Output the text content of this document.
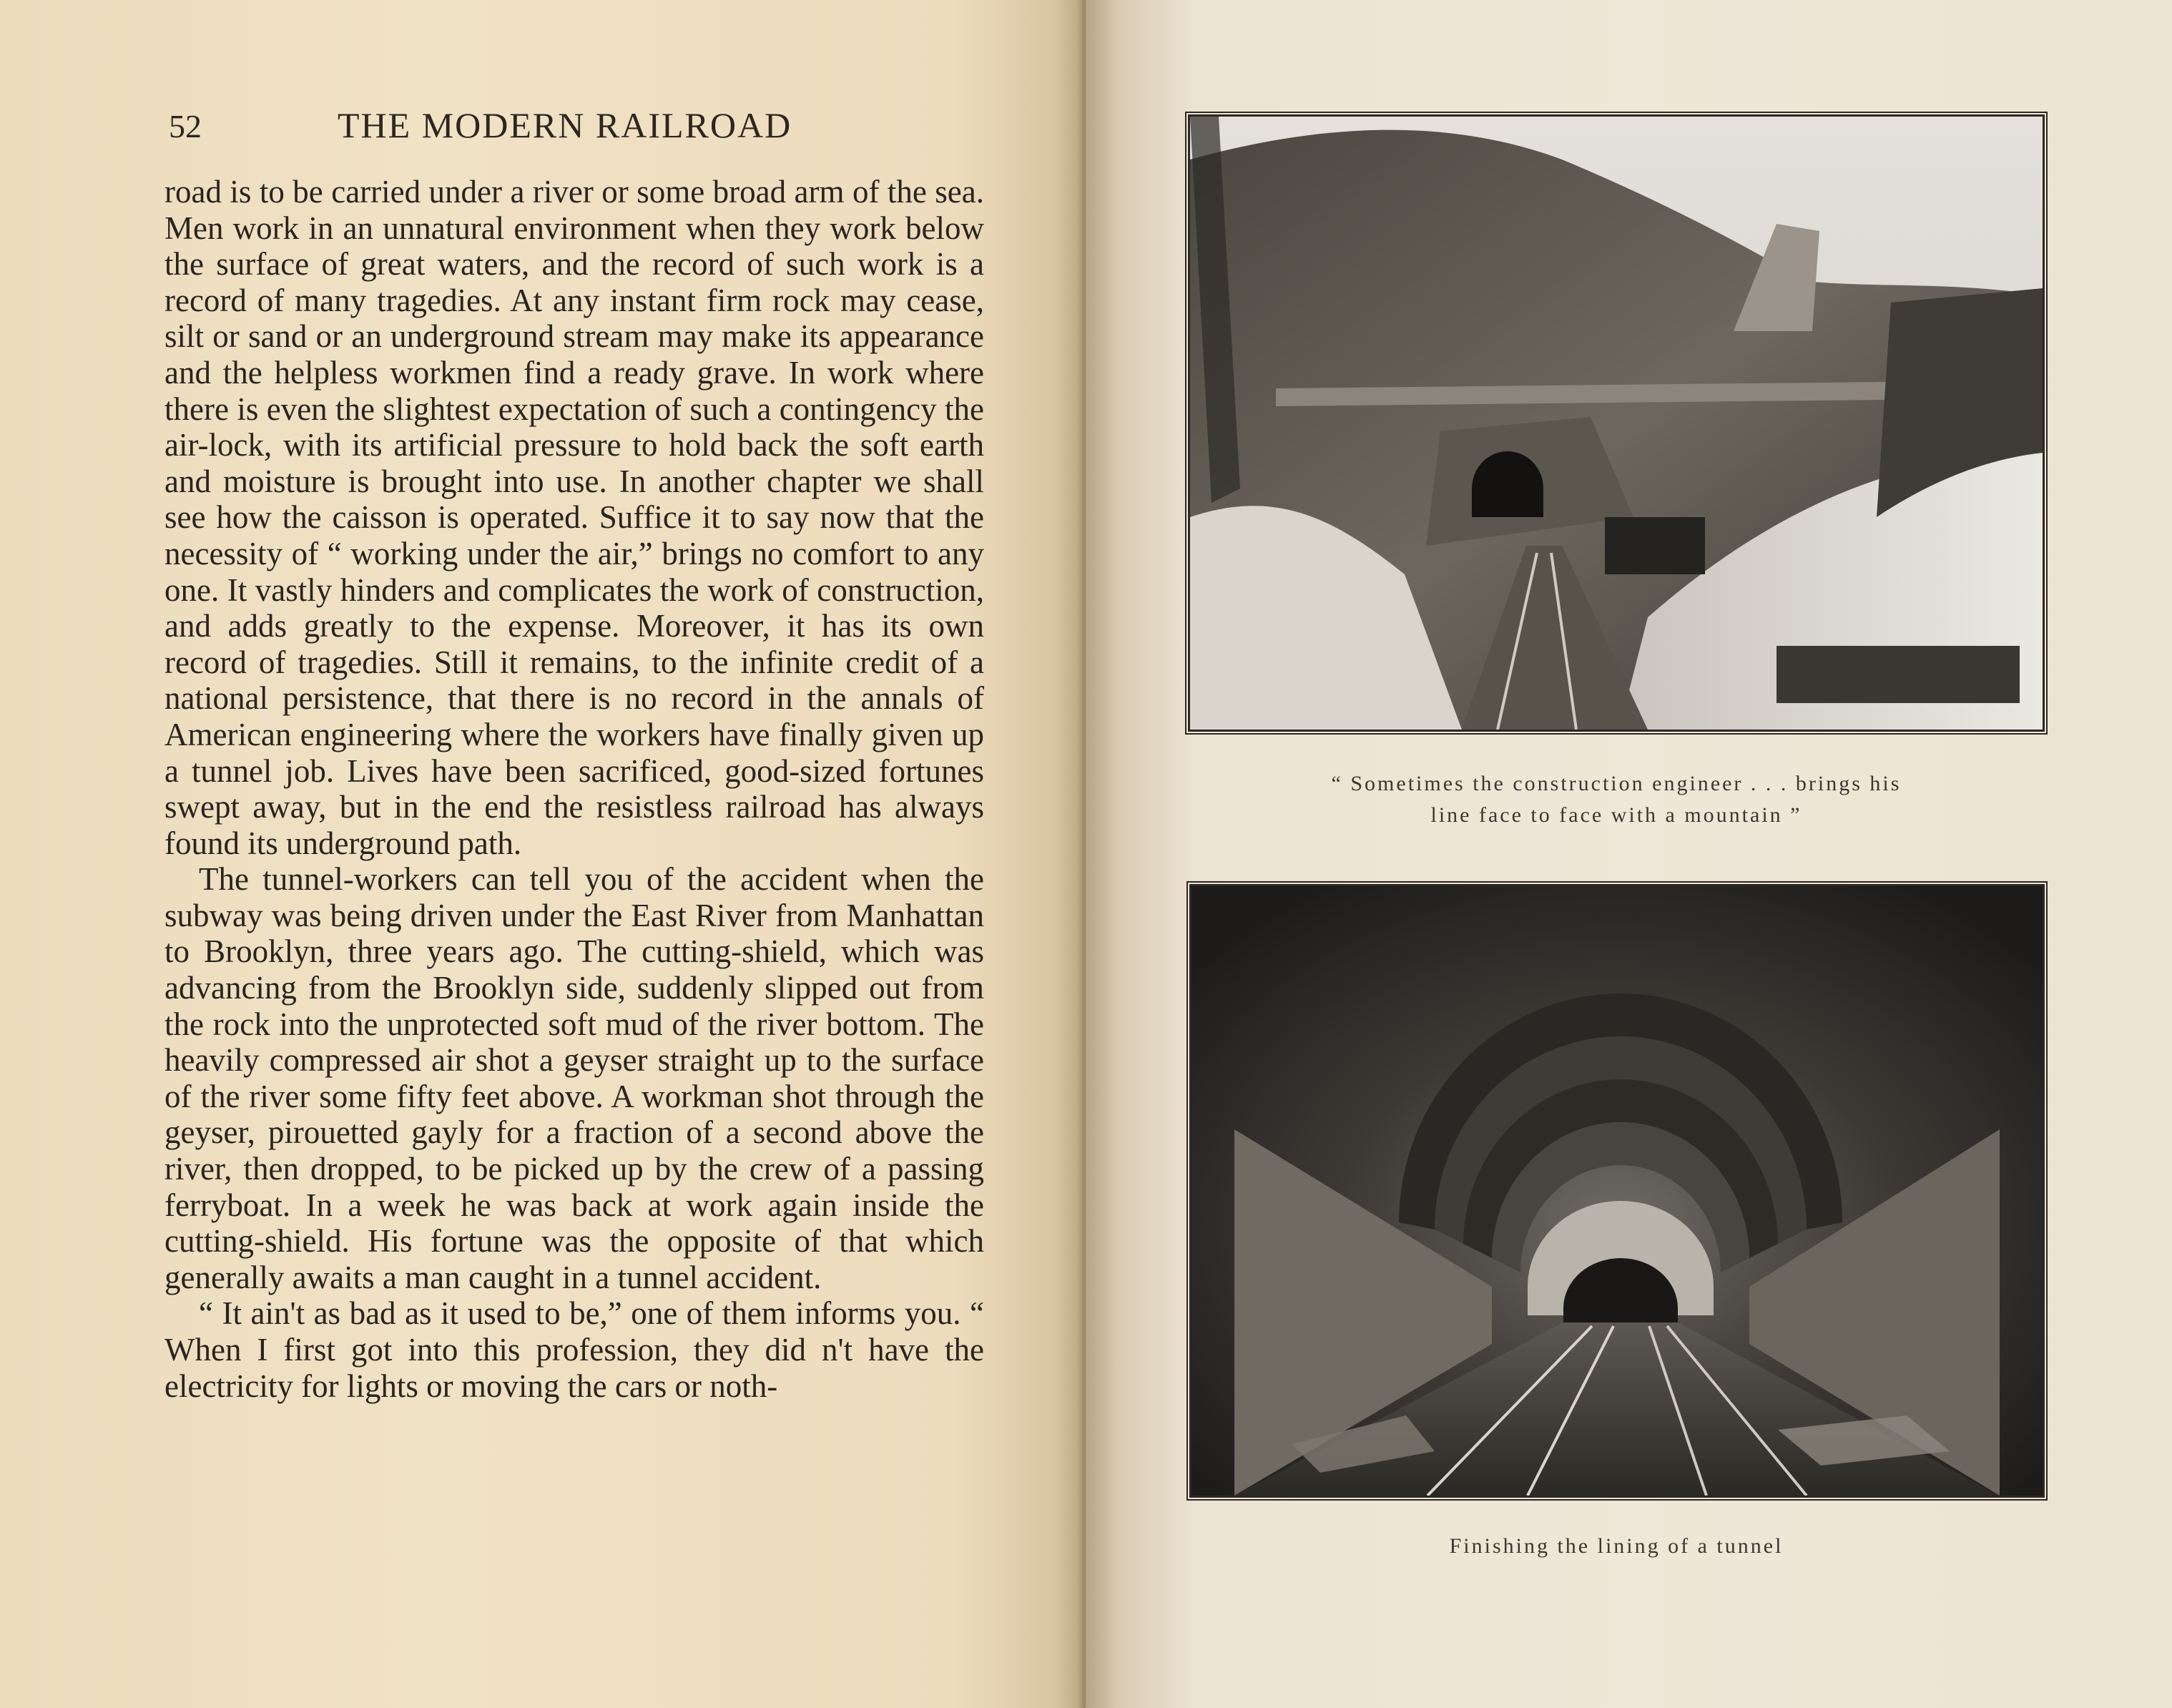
52	THE MODERN RAILROAD

road is to be carried under a river or some broad arm of the sea. Men work in an unnatural environment when they work below the surface of great waters, and the record of such work is a record of many tragedies. At any instant firm rock may cease, silt or sand or an underground stream may make its appearance and the helpless workmen find a ready grave. In work where there is even the slightest expectation of such a contingency the air-lock, with its artificial pressure to hold back the soft earth and moisture is brought into use. In another chapter we shall see how the caisson is operated. Suffice it to say now that the necessity of “ working under the air,” brings no comfort to any one. It vastly hinders and complicates the work of construction, and adds greatly to the expense. Moreover, it has its own record of tragedies. Still it remains, to the infinite credit of a national persistence, that there is no record in the annals of American engineering where the workers have finally given up a tunnel job. Lives have been sacrificed, good-sized fortunes swept away, but in the end the resistless railroad has always found its underground path.

The tunnel-workers can tell you of the accident when the subway was being driven under the East River from Manhattan to Brooklyn, three years ago. The cutting-shield, which was advancing from the Brooklyn side, suddenly slipped out from the rock into the unprotected soft mud of the river bottom. The heavily compressed air shot a geyser straight up to the surface of the river some fifty feet above. A workman shot through the geyser, pirouetted gayly for a fraction of a second above the river, then dropped, to be picked up by the crew of a passing ferryboat. In a week he was back at work again inside the cutting-shield. His fortune was the opposite of that which generally awaits a man caught in a tunnel accident.

“ It ain't as bad as it used to be,” one of them informs you. “ When I first got into this profession, they did n't have the electricity for lights or moving the cars or noth-

“ Sometimes the construction engineer . . . brings his
line face to face with a mountain ”
Finishing the lining of a tunnel
